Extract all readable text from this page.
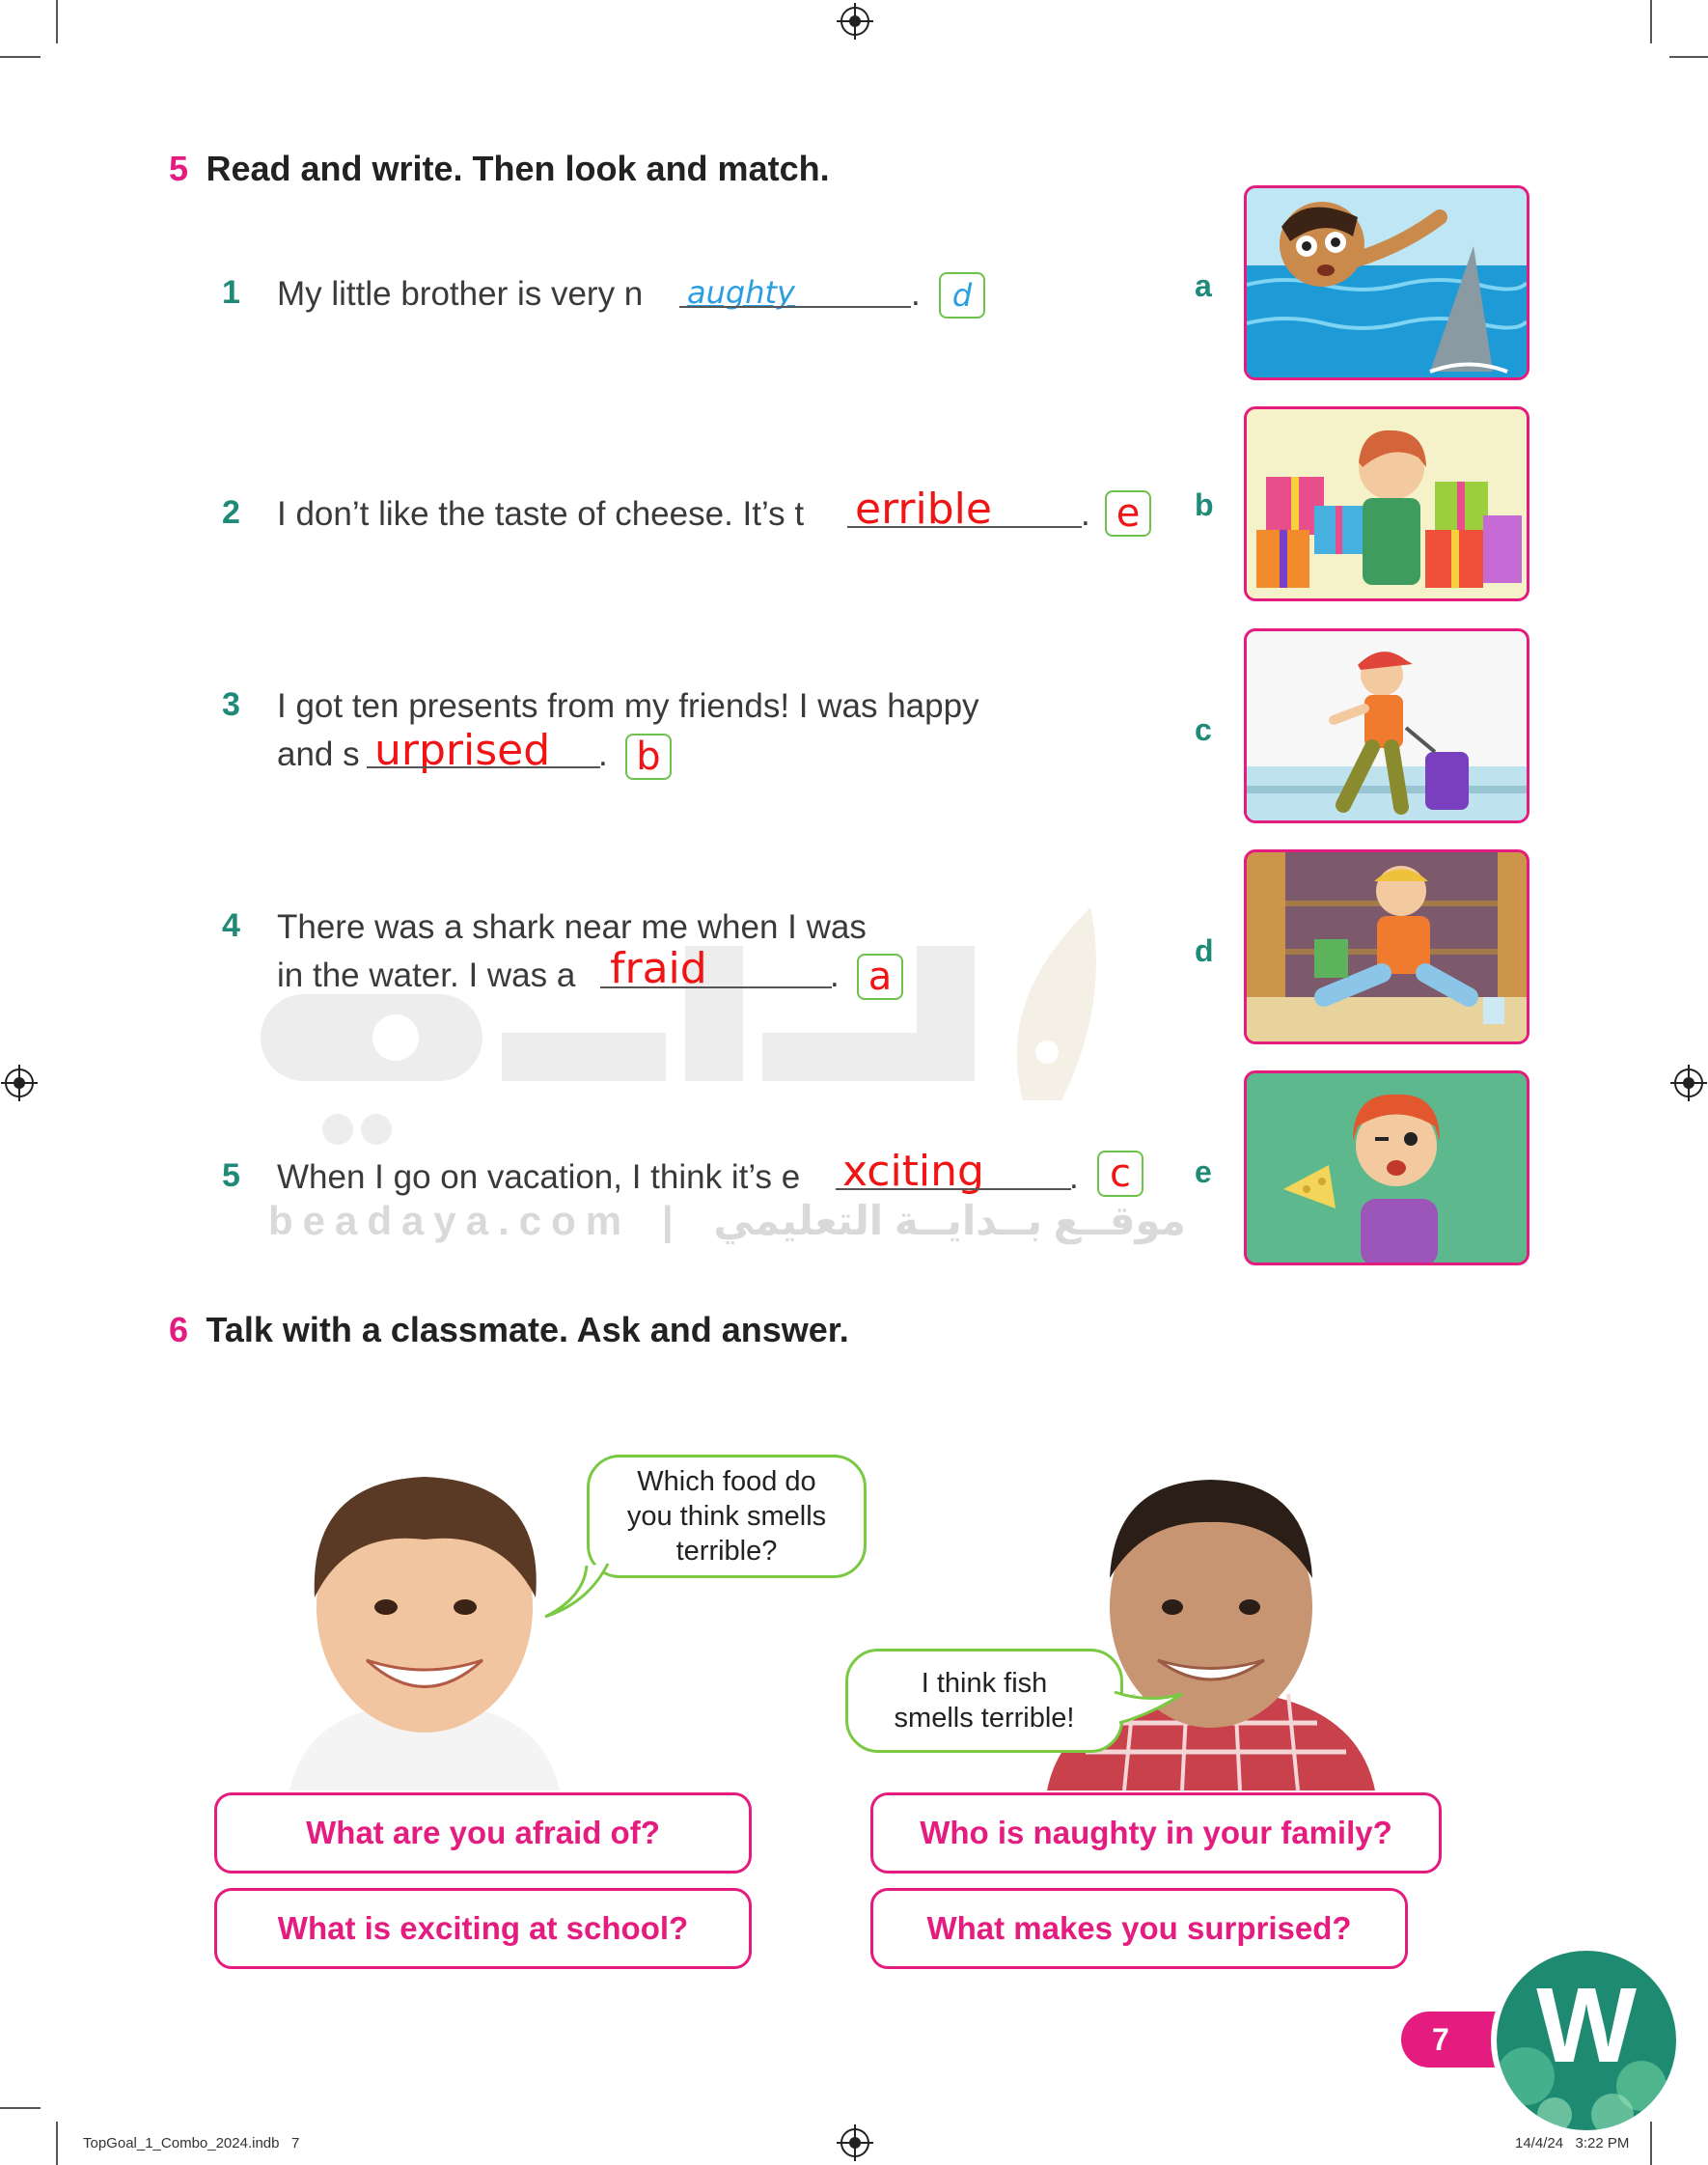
beadaya.com | موقــع بــدايــة التعليمي
5 Read and write. Then look and match.
1 My little brother is very n aughty	.	d
2 I don’t like the taste of cheese. It’s t errible	. e
3 I got ten presents from my friends! I was happy
and s urprised . b
4 There was a shark near me when I was
in the water. I was a fraid	. a
5 When I go on vacation, I think it’s e xciting	. c
a
b
c
d
e
6 Talk with a classmate. Ask and answer.
Which food do
you think smells
terrible?
I think fish
smells terrible!
What are you afraid of?	Who is naughty in your family?
What is exciting at school?	What makes you surprised?
7 W
TopGoal_1_Combo_2024.indb   7	14/4/24   3:22 PM
